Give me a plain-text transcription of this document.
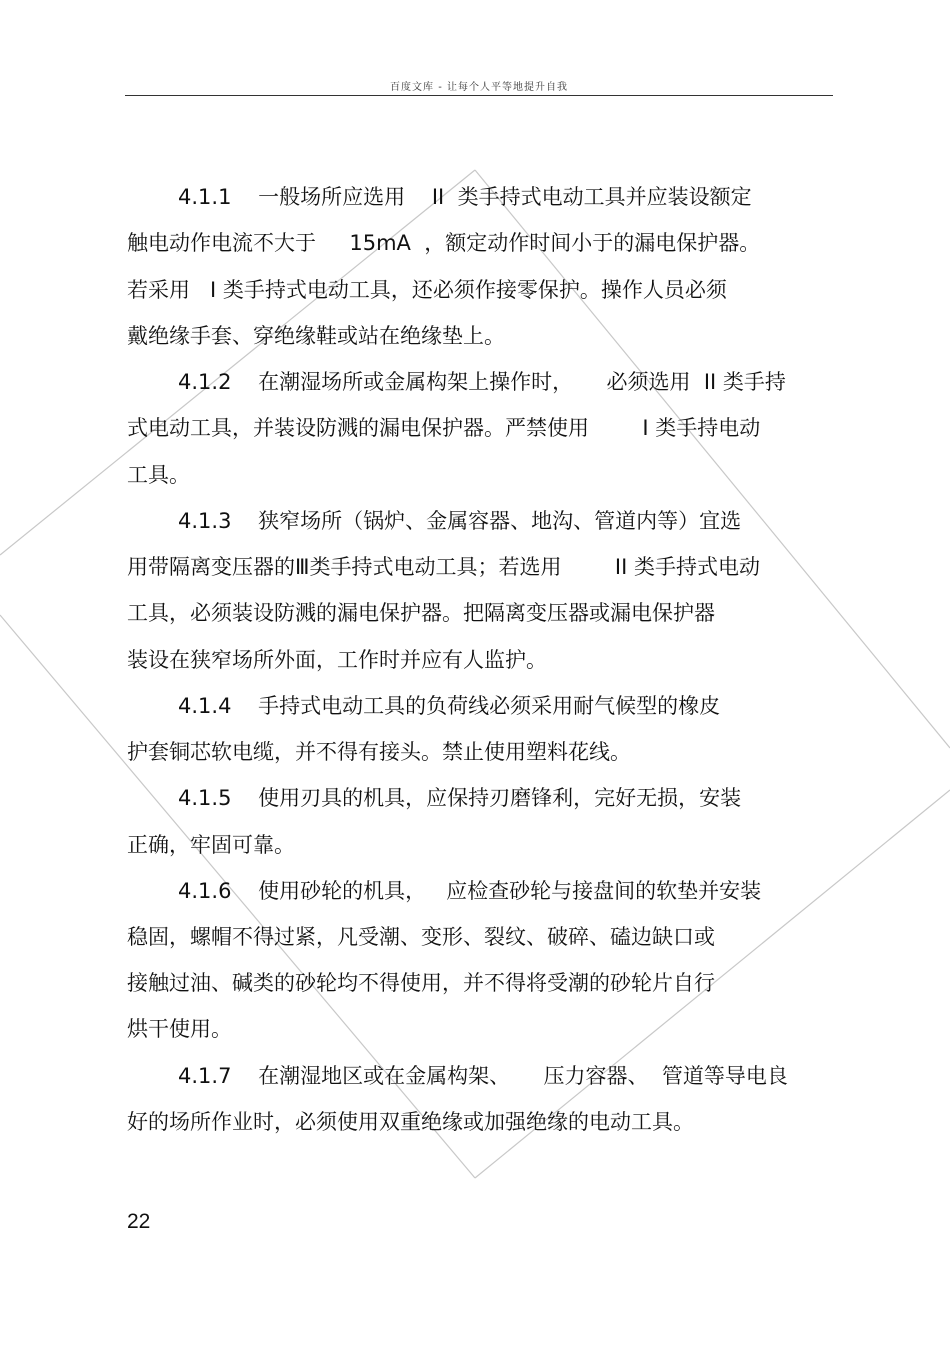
百度文库 - 让每个人平等地提升自我
4.1.1    一般场所应选用    II  类手持式电动工具并应装设额定
触电动作电流不大于     15mA  ，额定动作时间小于的漏电保护器。
若采用   I 类手持式电动工具，还必须作接零保护。操作人员必须
戴绝缘手套、穿绝缘鞋或站在绝缘垫上。
4.1.2    在潮湿场所或金属构架上操作时，     必须选用  II 类手持
式电动工具，并装设防溅的漏电保护器。严禁使用        I 类手持电动
工具。
4.1.3    狭窄场所（锅炉、金属容器、地沟、管道内等）宜选
用带隔离变压器的Ⅲ类手持式电动工具；若选用        II 类手持式电动
工具，必须装设防溅的漏电保护器。把隔离变压器或漏电保护器
装设在狭窄场所外面，工作时并应有人监护。
4.1.4    手持式电动工具的负荷线必须采用耐气候型的橡皮
护套铜芯软电缆，并不得有接头。禁止使用塑料花线。
4.1.5    使用刃具的机具，应保持刃磨锋利，完好无损，安装
正确，牢固可靠。
4.1.6    使用砂轮的机具，   应检查砂轮与接盘间的软垫并安装
稳固，螺帽不得过紧，凡受潮、变形、裂纹、破碎、磕边缺口或
接触过油、碱类的砂轮均不得使用，并不得将受潮的砂轮片自行
烘干使用。
4.1.7    在潮湿地区或在金属构架、     压力容器、  管道等导电良
好的场所作业时，必须使用双重绝缘或加强绝缘的电动工具。
22
